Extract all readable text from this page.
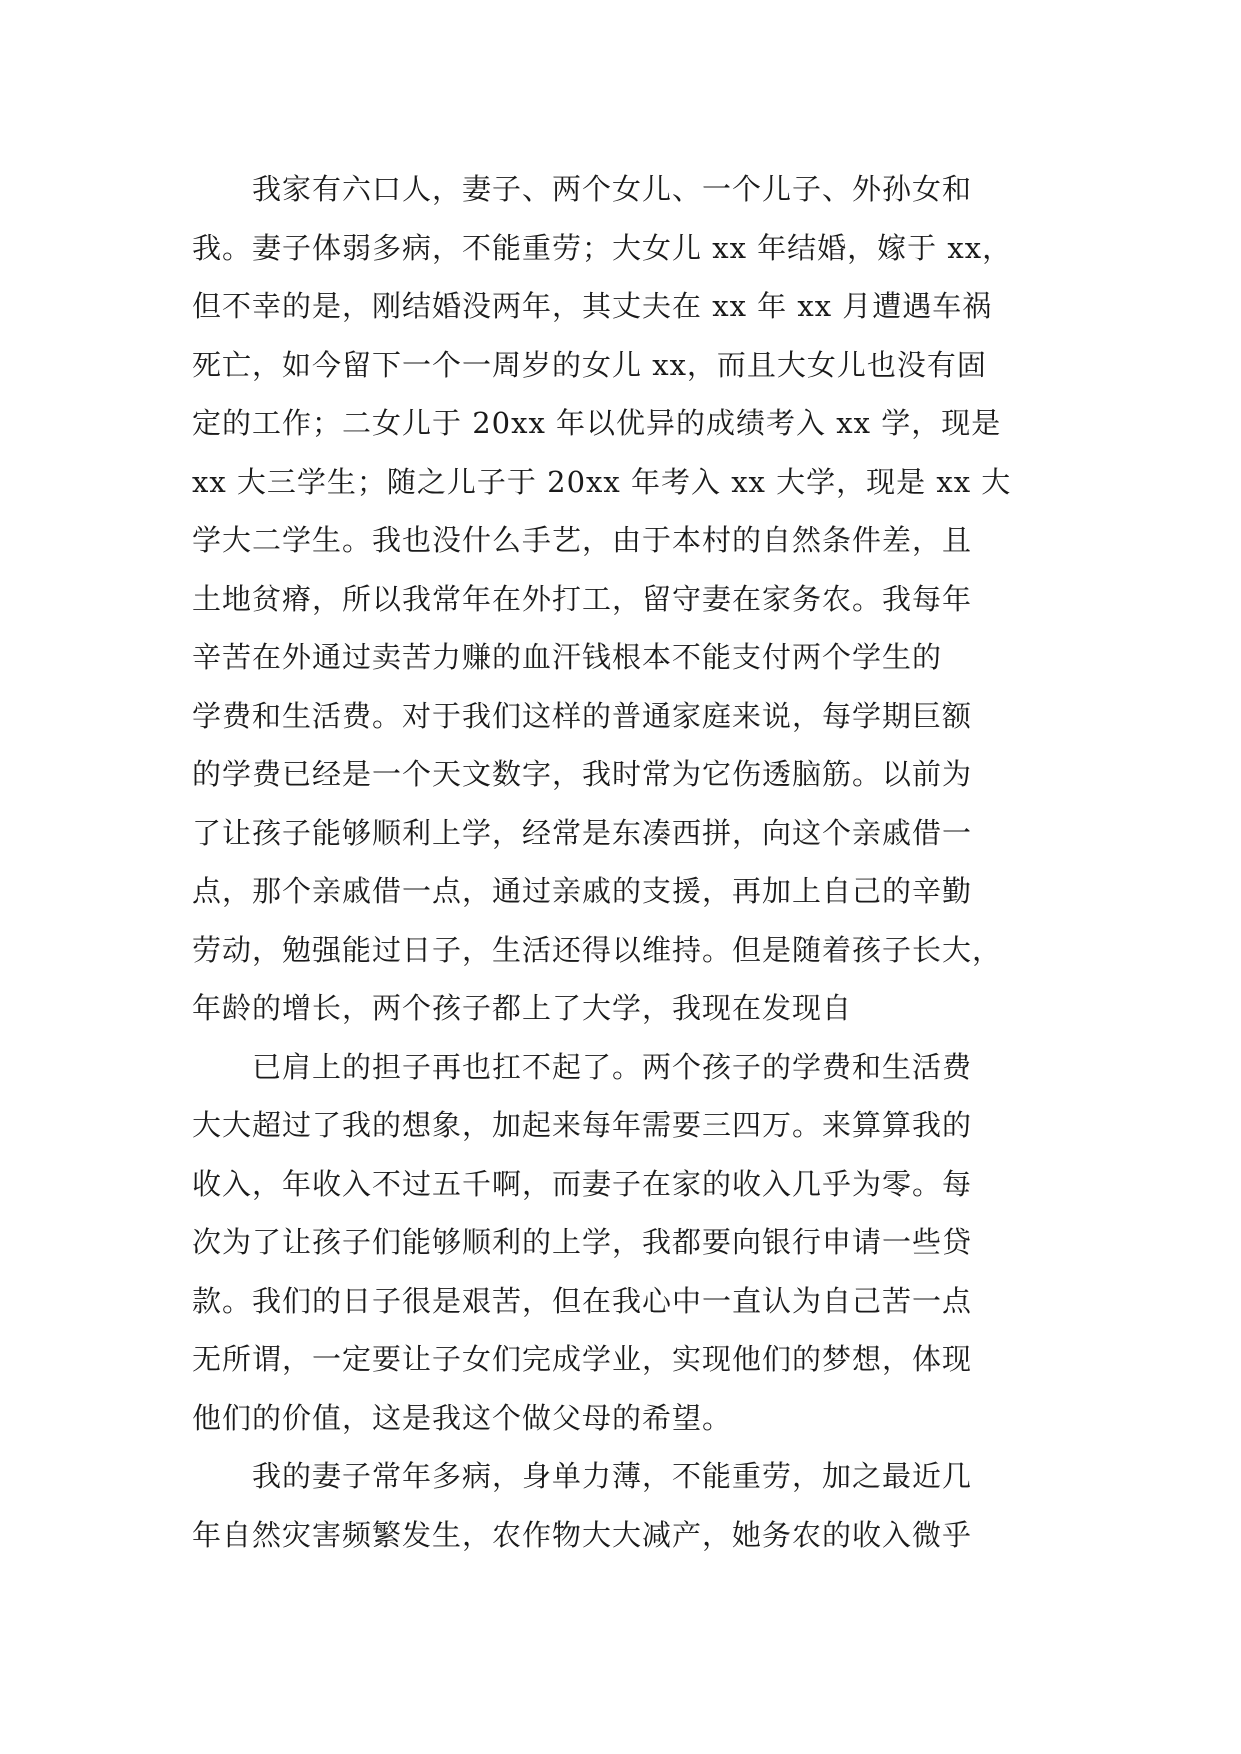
　　我家有六口人，妻子、两个女儿、一个儿子、外孙女和
我。妻子体弱多病，不能重劳；大女儿 xx 年结婚，嫁于 xx，
但不幸的是，刚结婚没两年，其丈夫在 xx 年 xx 月遭遇车祸
死亡，如今留下一个一周岁的女儿 xx，而且大女儿也没有固
定的工作；二女儿于 20xx 年以优异的成绩考入 xx 学，现是
xx 大三学生；随之儿子于 20xx 年考入 xx 大学，现是 xx 大
学大二学生。我也没什么手艺，由于本村的自然条件差，且
土地贫瘠，所以我常年在外打工，留守妻在家务农。我每年
辛苦在外通过卖苦力赚的血汗钱根本不能支付两个学生的
学费和生活费。对于我们这样的普通家庭来说，每学期巨额
的学费已经是一个天文数字，我时常为它伤透脑筋。以前为
了让孩子能够顺利上学，经常是东凑西拼，向这个亲戚借一
点，那个亲戚借一点，通过亲戚的支援，再加上自己的辛勤
劳动，勉强能过日子，生活还得以维持。但是随着孩子长大，
年龄的增长，两个孩子都上了大学，我现在发现自

　　已肩上的担子再也扛不起了。两个孩子的学费和生活费
大大超过了我的想象，加起来每年需要三四万。来算算我的
收入，年收入不过五千啊，而妻子在家的收入几乎为零。每
次为了让孩子们能够顺利的上学，我都要向银行申请一些贷
款。我们的日子很是艰苦，但在我心中一直认为自己苦一点
无所谓，一定要让子女们完成学业，实现他们的梦想，体现
他们的价值，这是我这个做父母的希望。

　　我的妻子常年多病，身单力薄，不能重劳，加之最近几
年自然灾害频繁发生，农作物大大减产，她务农的收入微乎
